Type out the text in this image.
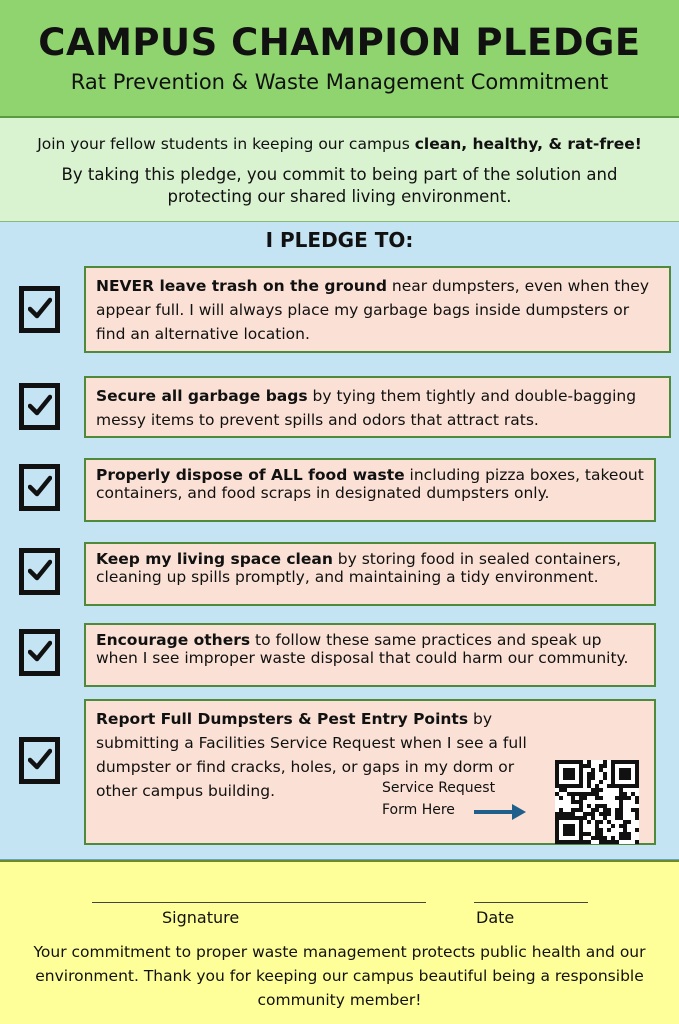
CAMPUS CHAMPION PLEDGE
Rat Prevention & Waste Management Commitment
Join your fellow students in keeping our campus clean, healthy, & rat-free!
By taking this pledge, you commit to being part of the solution and protecting our shared living environment.
I PLEDGE TO:
NEVER leave trash on the ground near dumpsters, even when they appear full. I will always place my garbage bags inside dumpsters or find an alternative location.
Secure all garbage bags by tying them tightly and double-bagging messy items to prevent spills and odors that attract rats.
Properly dispose of ALL food waste including pizza boxes, takeout containers, and food scraps in designated dumpsters only.
Keep my living space clean by storing food in sealed containers, cleaning up spills promptly, and maintaining a tidy environment.
Encourage others to follow these same practices and speak up when I see improper waste disposal that could harm our community.
Report Full Dumpsters & Pest Entry Points by submitting a Facilities Service Request when I see a full dumpster or find cracks, holes, or gaps in my dorm or other campus building.	Service Request
Form Here
Signature	Date
Your commitment to proper waste management protects public health and our environment. Thank you for keeping our campus beautiful being a responsible community member!
